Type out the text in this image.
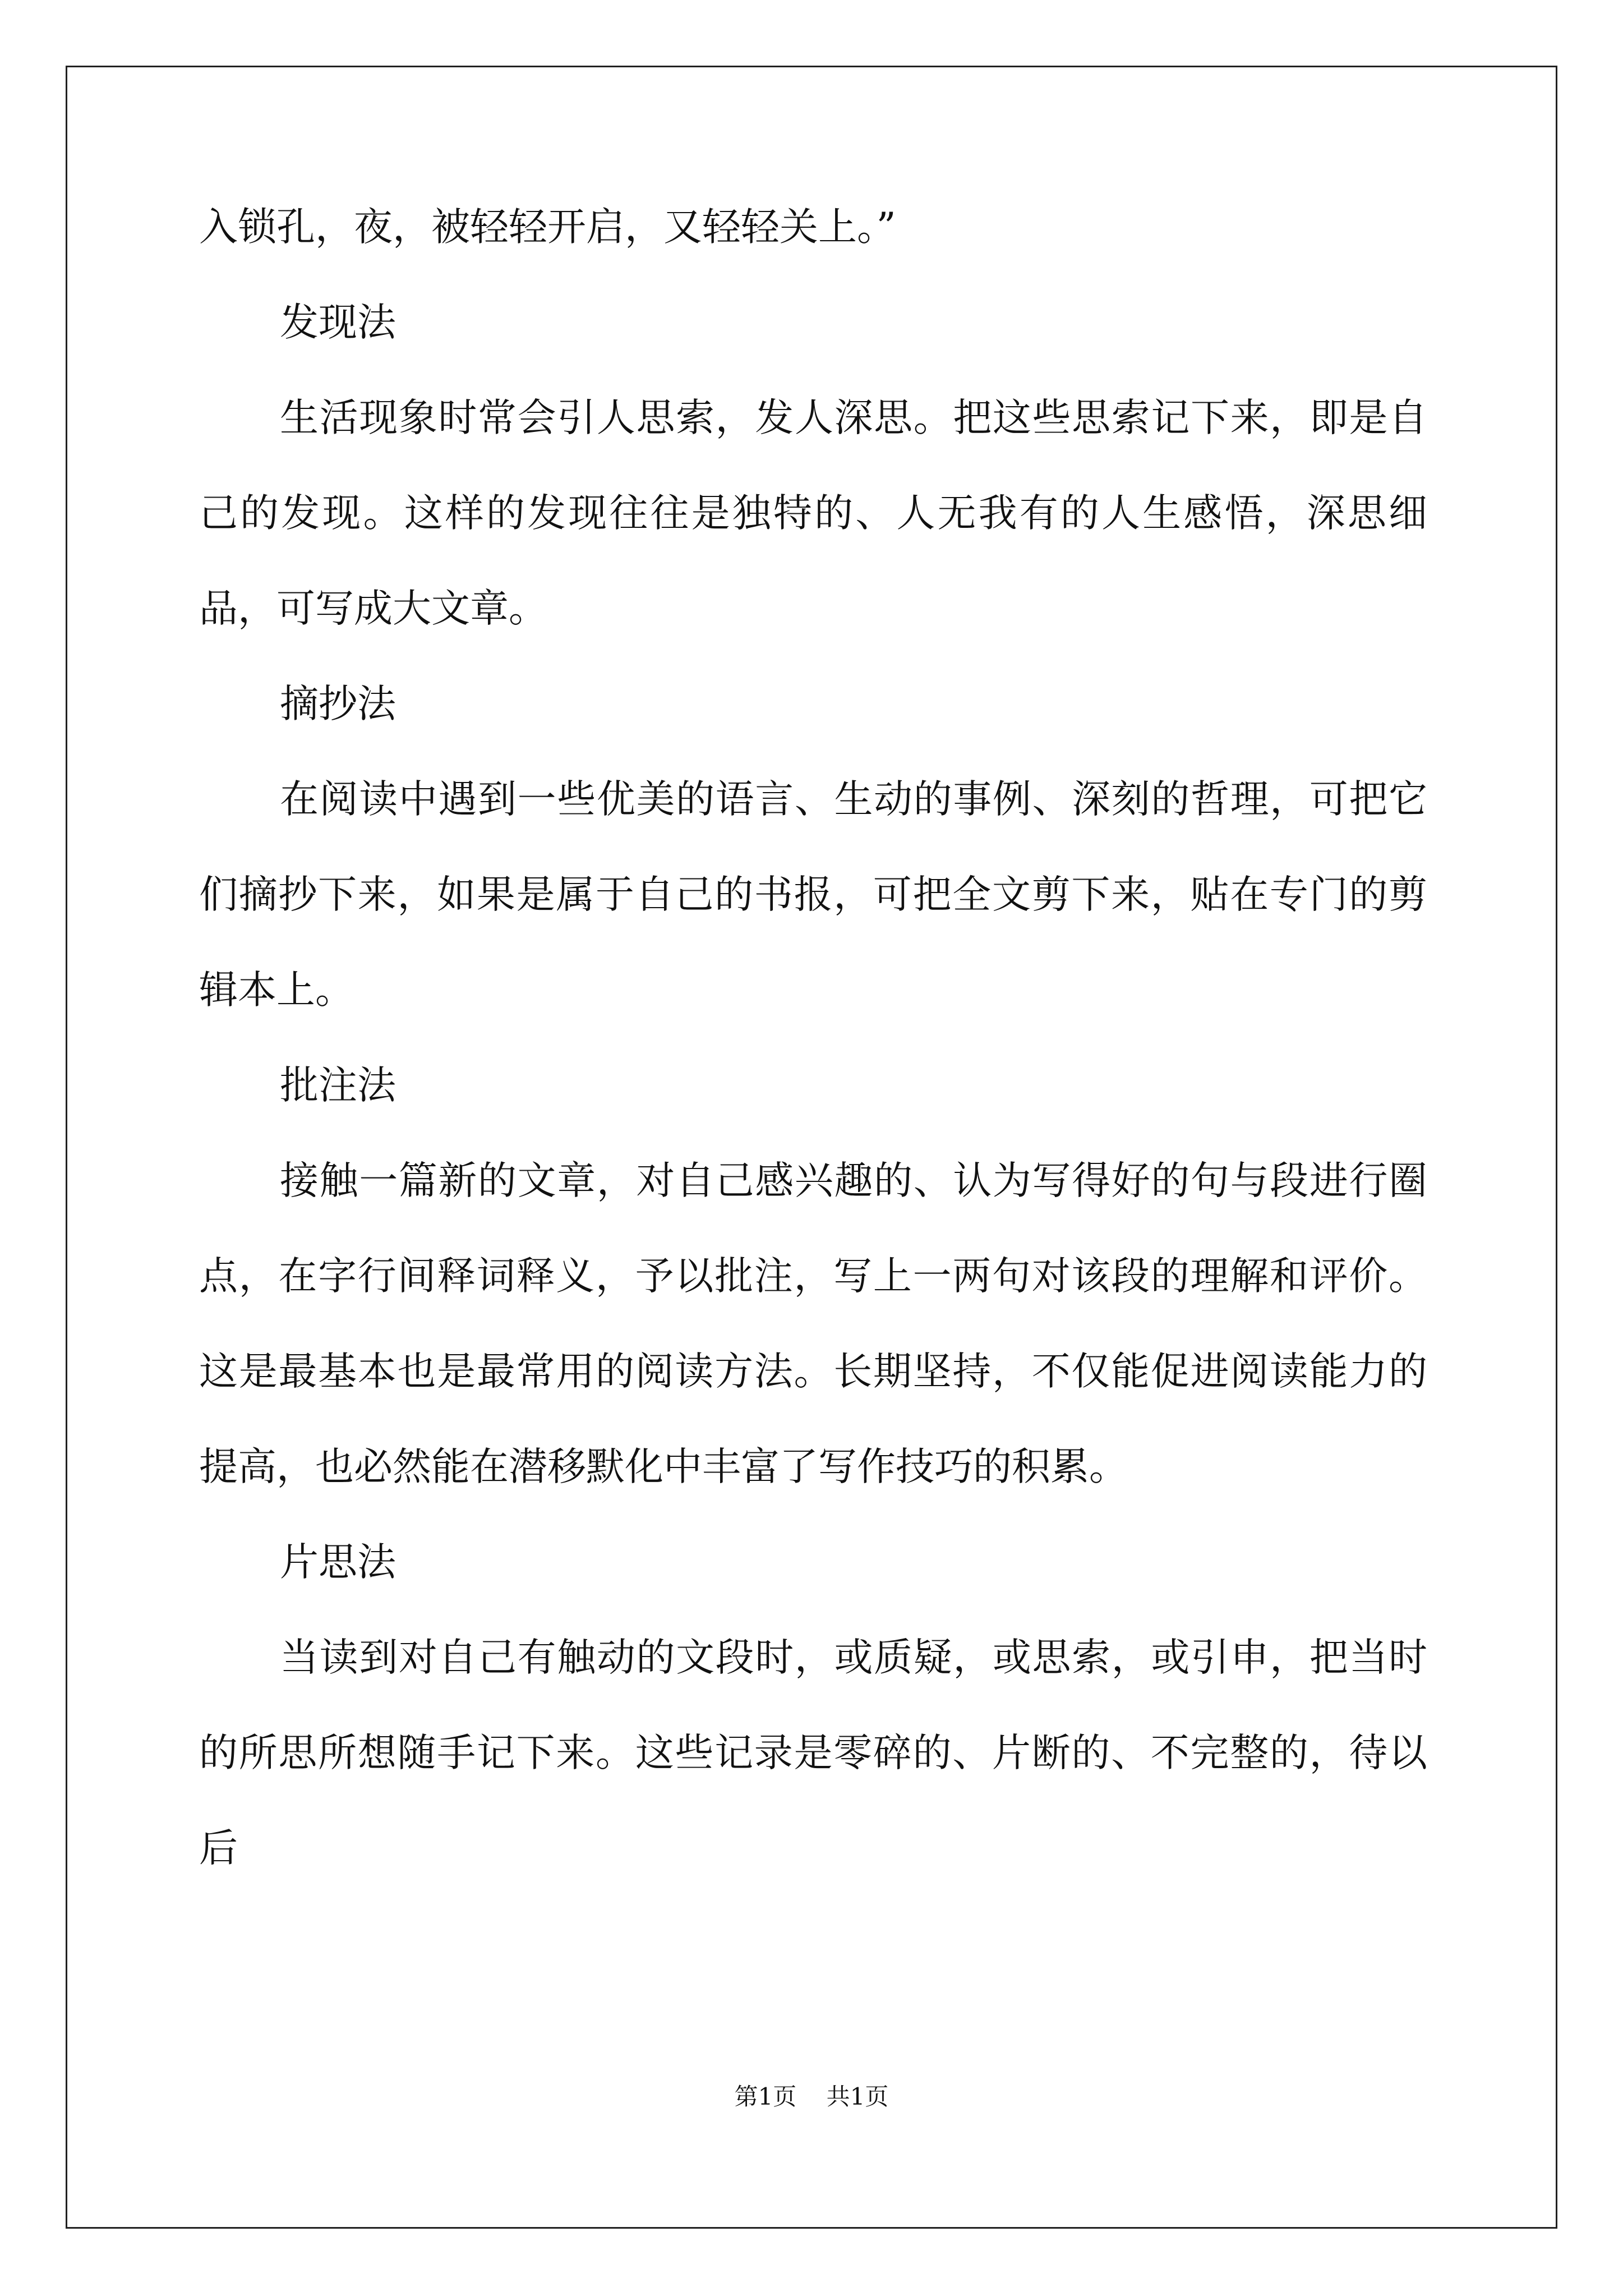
入锁孔，夜，被轻轻开启，又轻轻关上。”

发现法

生活现象时常会引人思索，发人深思。把这些思索记下来，即是自己的发现。这样的发现往往是独特的、人无我有的人生感悟，深思细品，可写成大文章。

摘抄法

在阅读中遇到一些优美的语言、生动的事例、深刻的哲理，可把它们摘抄下来，如果是属于自己的书报，可把全文剪下来，贴在专门的剪辑本上。

批注法

接触一篇新的文章，对自己感兴趣的、认为写得好的句与段进行圈点，在字行间释词释义，予以批注，写上一两句对该段的理解和评价。这是最基本也是最常用的阅读方法。长期坚持，不仅能促进阅读能力的提高，也必然能在潜移默化中丰富了写作技巧的积累。

片思法

当读到对自己有触动的文段时，或质疑，或思索，或引申，把当时的所思所想随手记下来。这些记录是零碎的、片断的、不完整的，待以后

第1页 共1页
